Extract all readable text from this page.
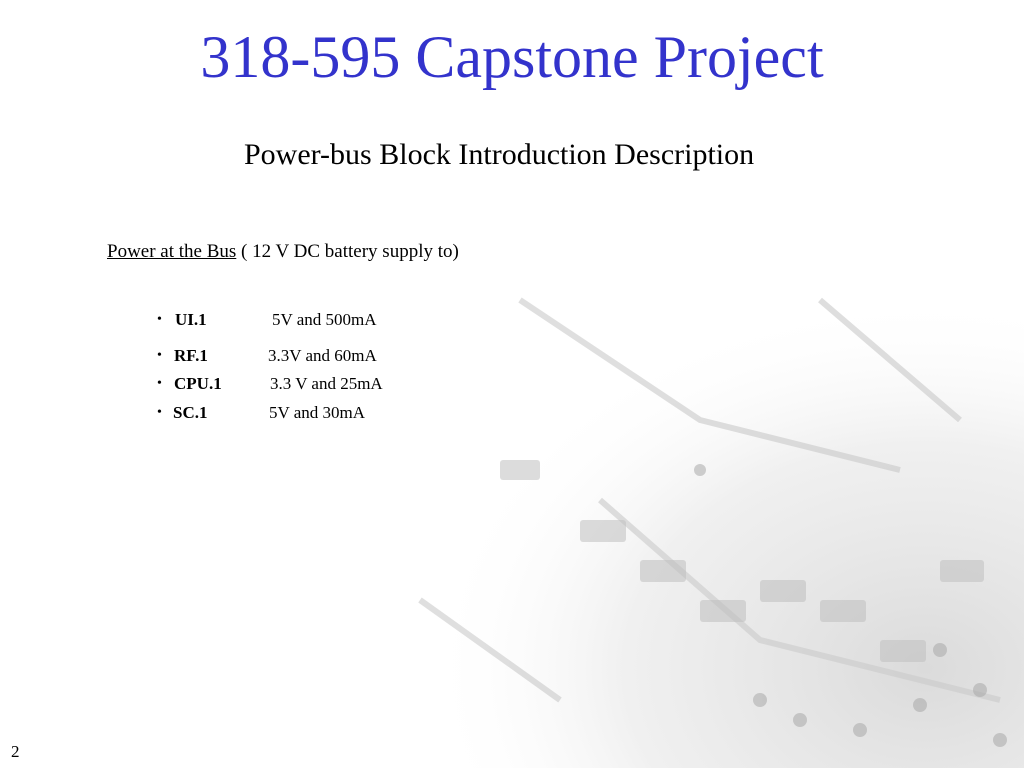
318-595 Capstone Project
Power-bus Block Introduction Description
Power at the Bus ( 12 V DC battery supply to)
• UI.1	5V and 500mA
• RF.1	3.3V and 60mA
• CPU.1	3.3 V and 25mA
• SC.1	5V and 30mA
2
